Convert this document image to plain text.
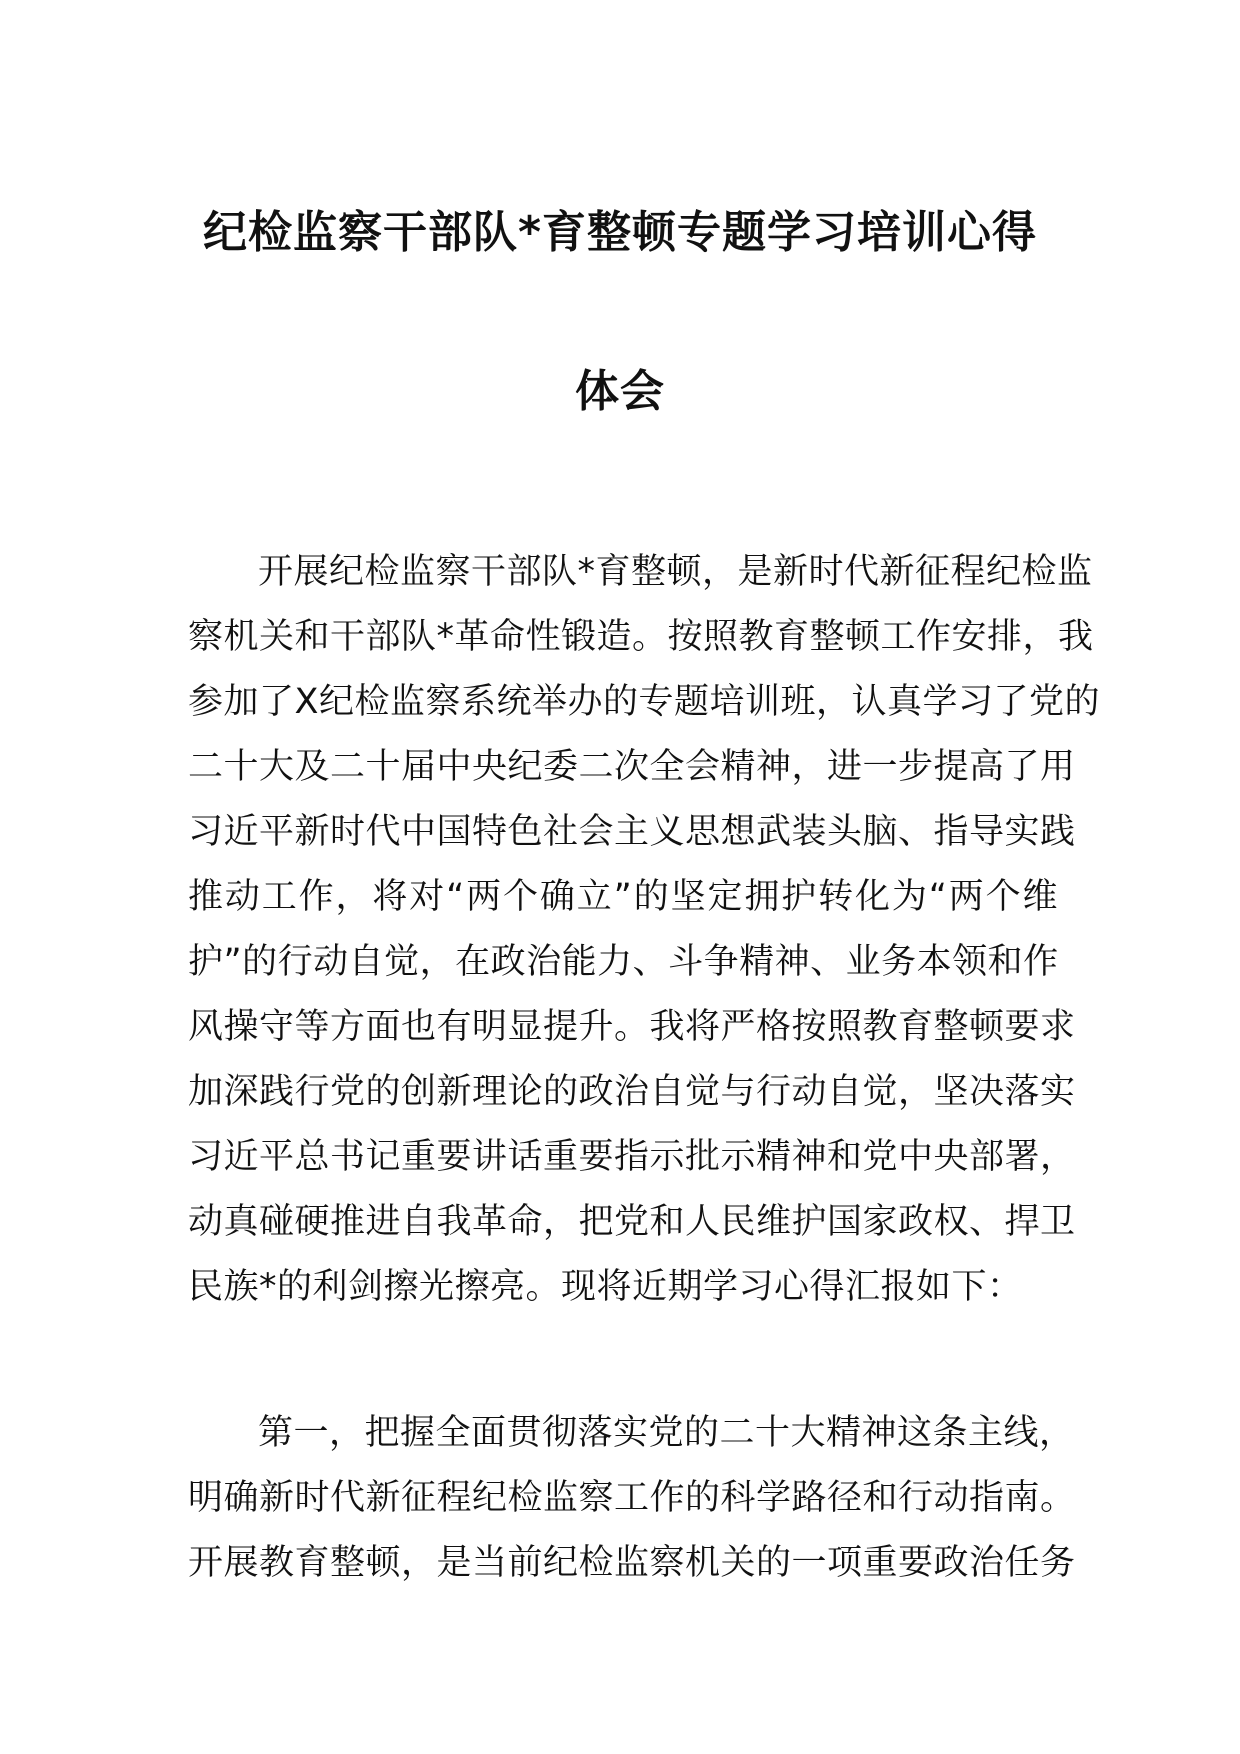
纪检监察干部队*育整顿专题学习培训心得
体会
开展纪检监察干部队*育整顿，是新时代新征程纪检监
察机关和干部队*革命性锻造。按照教育整顿工作安排，我
参加了X纪检监察系统举办的专题培训班，认真学习了党的
二十大及二十届中央纪委二次全会精神，进一步提高了用
习近平新时代中国特色社会主义思想武装头脑、指导实践
推动工作，将对“两个确立”的坚定拥护转化为“两个维
护”的行动自觉，在政治能力、斗争精神、业务本领和作
风操守等方面也有明显提升。我将严格按照教育整顿要求
加深践行党的创新理论的政治自觉与行动自觉，坚决落实
习近平总书记重要讲话重要指示批示精神和党中央部署，
动真碰硬推进自我革命，把党和人民维护国家政权、捍卫
民族*的利剑擦光擦亮。现将近期学习心得汇报如下：
第一，把握全面贯彻落实党的二十大精神这条主线，
明确新时代新征程纪检监察工作的科学路径和行动指南。
开展教育整顿，是当前纪检监察机关的一项重要政治任务
